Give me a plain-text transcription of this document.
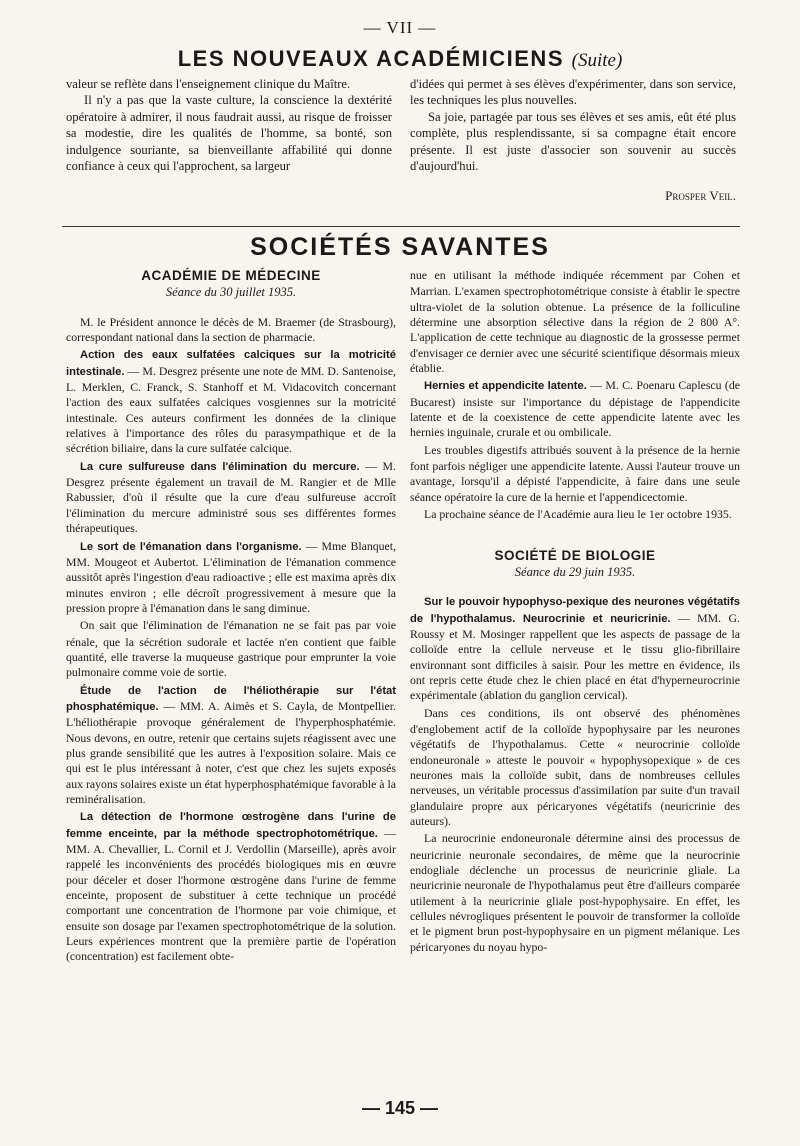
— VII —
LES NOUVEAUX ACADÉMICIENS (Suite)

valeur se reflète dans l'enseignement clinique du Maître.

Il n'y a pas que la vaste culture, la conscience la dextérité opératoire à admirer, il nous faudrait aussi, au risque de froisser sa modestie, dire les qualités de l'homme, sa bonté, son indulgence souriante, sa bienveillante affabilité qui donne confiance à ceux qui l'approchent, sa largeur

d'idées qui permet à ses élèves d'expérimenter, dans son service, les techniques les plus nouvelles.

Sa joie, partagée par tous ses élèves et ses amis, eût été plus complète, plus resplendissante, si sa compagne était encore présente. Il est juste d'associer son souvenir au succès d'aujourd'hui.

Prosper Veil.
SOCIÉTÉS SAVANTES
ACADÉMIE DE MÉDECINE
Séance du 30 juillet 1935.

M. le Président annonce le décès de M. Braemer (de Strasbourg), correspondant national dans la section de pharmacie.

Action des eaux sulfatées calciques sur la motricité intestinale. — M. Desgrez présente une note de MM. D. Santenoise, L. Merklen, C. Franck, S. Stanhoff et M. Vidacovitch concernant l'action des eaux sulfatées calciques vosgiennes sur la motricité intestinale. Ces auteurs confirment les données de la clinique relatives à l'importance des rôles du parasympathique et de la sécrétion biliaire, dans la cure sulfatée calcique.

La cure sulfureuse dans l'élimination du mercure. — M. Desgrez présente également un travail de M. Rangier et de Mlle Rabussier, d'où il résulte que la cure d'eau sulfureuse accroît l'élimination du mercure administré sous ses différentes formes thérapeutiques.

Le sort de l'émanation dans l'organisme. — Mme Blanquet, MM. Mougeot et Aubertot. L'élimination de l'émanation commence aussitôt après l'ingestion d'eau radioactive ; elle est maxima après dix minutes environ ; elle décroît progressivement à mesure que la pression propre à l'émanation dans le sang diminue.

On sait que l'élimination de l'émanation ne se fait pas par voie rénale, que la sécrétion sudorale et lactée n'en contient que faible quantité, elle traverse la muqueuse gastrique pour emprunter la voie pulmonaire comme voie de sortie.

Étude de l'action de l'héliothérapie sur l'état phosphatémique. — MM. A. Aimès et S. Cayla, de Montpellier. L'héliothérapie provoque généralement de l'hyperphosphatémie. Nous devons, en outre, retenir que certains sujets réagissent avec une plus grande sensibilité que les autres à l'exposition solaire. Mais ce qui est le plus intéressant à noter, c'est que chez les sujets exposés aux rayons solaires existe un état hyperphosphatémique favorable à la reminéralisation.

La détection de l'hormone œstrogène dans l'urine de femme enceinte, par la méthode spectrophotométrique. — MM. A. Chevallier, L. Cornil et J. Verdollin (Marseille), après avoir rappelé les inconvénients des procédés biologiques mis en œuvre pour déceler et doser l'hormone œstrogène dans l'urine de femme enceinte, proposent de substituer à cette technique un procédé comportant une concentration de l'hormone par voie chimique, et ensuite son dosage par l'examen spectrophotométrique de la solution. Leurs expériences montrent que la première partie de l'opération (concentration) est facilement obte-

nue en utilisant la méthode indiquée récemment par Cohen et Marrian. L'examen spectrophotométrique consiste à établir le spectre ultra-violet de la solution obtenue. La présence de la folliculine détermine une absorption sélective dans la région de 2 800 A°. L'application de cette technique au diagnostic de la grossesse permet d'envisager ce dernier avec une sécurité scientifique désormais mieux établie.

Hernies et appendicite latente. — M. C. Poenaru Caplescu (de Bucarest) insiste sur l'importance du dépistage de l'appendicite latente et de la coexistence de cette appendicite latente avec les hernies inguinale, crurale et ou ombilicale.

Les troubles digestifs attribués souvent à la présence de la hernie font parfois négliger une appendicite latente. Aussi l'auteur trouve un avantage, lorsqu'il a dépisté l'appendicite, à faire dans une seule séance opératoire la cure de la hernie et l'appendicectomie.

La prochaine séance de l'Académie aura lieu le 1er octobre 1935.

SOCIÉTÉ DE BIOLOGIE
Séance du 29 juin 1935.

Sur le pouvoir hypophyso-pexique des neurones végétatifs de l'hypothalamus. Neurocrinie et neuricrinie. — MM. G. Roussy et M. Mosinger rappellent que les aspects de passage de la colloïde entre la cellule nerveuse et le tissu glio-fibrillaire environnant sont difficiles à saisir. Pour les mettre en évidence, ils ont repris cette étude chez le chien placé en état d'hyperneurocrinie expérimentale (ablation du ganglion cervical).

Dans ces conditions, ils ont observé des phénomènes d'englobement actif de la colloïde hypophysaire par les neurones végétatifs de l'hypothalamus. Cette « neurocrinie colloïde endoneuronale » atteste le pouvoir « hypophysopexique » de ces neurones mais la colloïde subit, dans de nombreuses cellules nerveuses, un véritable processus d'assimilation par suite d'un travail glandulaire propre aux péricaryones végétatifs (neuricrinie des auteurs).

La neurocrinie endoneuronale détermine ainsi des processus de neuricrinie neuronale secondaires, de même que la neurocrinie endogliale déclenche un processus de neuricrinie gliale. La neuricrinie neuronale de l'hypothalamus peut être d'ailleurs comparée utilement à la neuricrinie gliale post-hypophysaire. En effet, les cellules névrogliques présentent le pouvoir de transformer la colloïde et le pigment brun post-hypophysaire en un pigment mélanique. Les péricaryones du noyau hypo-

— 145 —
